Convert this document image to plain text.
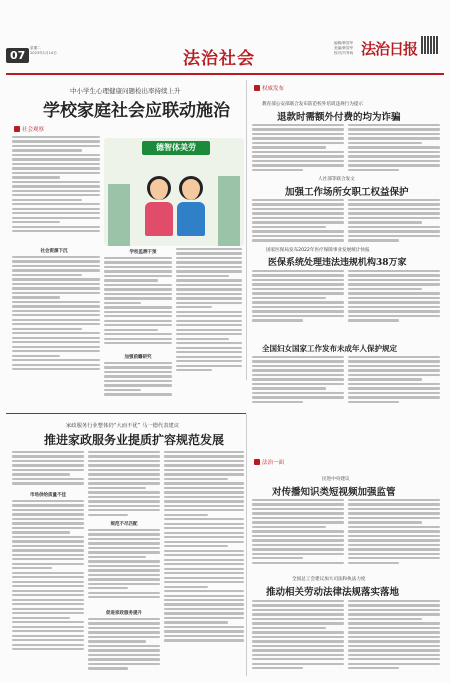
07
星期二
2023年1月14日	法治社会
编辑/韩智华
美编/韩智华
校对/冯秀尚 法治日报
中小学生心理健康问题检出率持续上升
学校家庭社会应联动施治
社会观察
德智体美劳
社会资源下沉	学校监测干预
加强前瞻研究
权威发布
教育部公安部联合发布防范校外培训违规行为提示
退款时需额外付费的均为诈骗
人社部等联合发文
加强工作场所女职工权益保护
国家医保局发布2022年医疗保障事业发展统计快报
医保系统处理违法违规机构38万家
全国妇女国家工作发布未成年人保护规定
家政服务行业整体仍“大而不优” 马一德代表建议
推进家政服务业提质扩容规范发展
市场供给质量不佳
规范不尽匹配
促进家政服务提升
法治一面
民进中央建议
对传播知识类短视频加强监管
全国总工会建议加大司法和执法力度
推动相关劳动法律法规落实落地
